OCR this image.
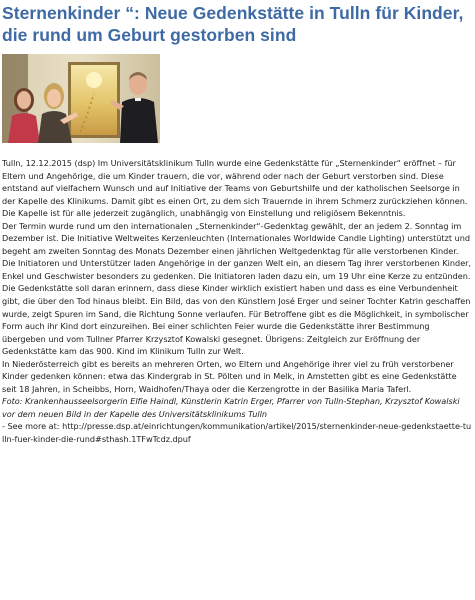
Sternenkinder “: Neue Gedenkstätte in Tulln für Kinder, die rund um Geburt gestorben sind

Tulln, 12.12.2015 (dsp) Im Universitätsklinikum Tulln wurde eine Gedenkstätte für „Sternenkinder“ eröffnet – für Eltern und Angehörige, die um Kinder trauern, die vor, während oder nach der Geburt verstorben sind. Diese entstand auf vielfachem Wunsch und auf Initiative der Teams von Geburtshilfe und der katholischen Seelsorge in der Kapelle des Klinikums. Damit gibt es einen Ort, zu dem sich Trauernde in ihrem Schmerz zurückziehen können. Die Kapelle ist für alle jederzeit zugänglich, unabhängig von Einstellung und religiösem Bekenntnis.

Der Termin wurde rund um den internationalen „Sternenkinder“-Gedenktag gewählt, der an jedem 2. Sonntag im Dezember ist. Die Initiative Weltweites Kerzenleuchten (Internationales Worldwide Candle Lighting) unterstützt und begeht am zweiten Sonntag des Monats Dezember einen jährlichen Weltgedenktag für alle verstorbenen Kinder. Die Initiatoren und Unterstützer laden Angehörige in der ganzen Welt ein, an diesem Tag ihrer verstorbenen Kinder, Enkel und Geschwister besonders zu gedenken. Die Initiatoren laden dazu ein, um 19 Uhr eine Kerze zu entzünden.

Die Gedenkstätte soll daran erinnern, dass diese Kinder wirklich existiert haben und dass es eine Verbundenheit gibt, die über den Tod hinaus bleibt. Ein Bild, das von den Künstlern José Erger und seiner Tochter Katrin geschaffen wurde, zeigt Spuren im Sand, die Richtung Sonne verlaufen. Für Betroffene gibt es die Möglichkeit, in symbolischer Form auch ihr Kind dort einzureihen. Bei einer schlichten Feier wurde die Gedenkstätte ihrer Bestimmung übergeben und vom Tullner Pfarrer Krzysztof Kowalski gesegnet. Übrigens: Zeitgleich zur Eröffnung der Gedenkstätte kam das 900. Kind im Klinikum Tulln zur Welt.

In Niederösterreich gibt es bereits an mehreren Orten, wo Eltern und Angehörige ihrer viel zu früh verstorbener Kinder gedenken können: etwa das Kindergrab in St. Pölten und in Melk, in Amstetten gibt es eine Gedenkstätte seit 18 Jahren, in Scheibbs, Horn, Waidhofen/Thaya oder die Kerzengrotte in der Basilika Maria Taferl.

Foto: Krankenhausseelsorgerin Elfie Haindl, Künstlerin Katrin Erger, Pfarrer von Tulln-Stephan, Krzysztof Kowalski vor dem neuen Bild in der Kapelle des Universitätsklinikums Tulln

- See more at: http://presse.dsp.at/einrichtungen/kommunikation/artikel/2015/sternenkinder-neue-gedenkstaette-tulln-fuer-kinder-die-rund#sthash.1TFwTcdz.dpuf
